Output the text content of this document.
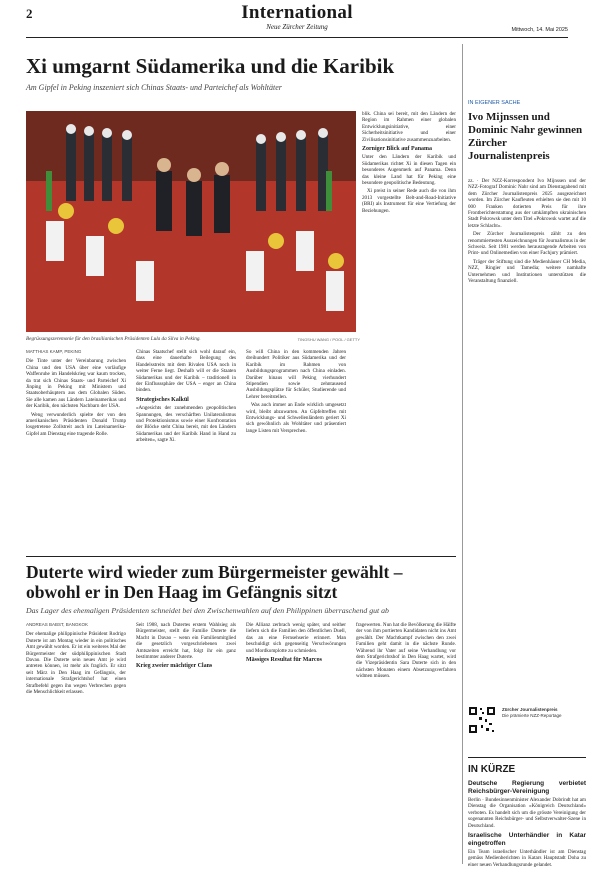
2	International
Neue Zürcher Zeitung	Mittwoch, 14. Mai 2025
Xi umgarnt Südamerika und die Karibik
Am Gipfel in Peking inszeniert sich Chinas Staats- und Parteichef als Wohltäter
Begrüssungszeremonie für den brasilianischen Präsidenten Lula da Silva in Peking.	TINGSHU WANG / POOL / GETTY

blik. China sei bereit, mit den Ländern der Region im Rahmen einer globalen Entwicklungsinitiative, einer Sicherheitsinitiative und einer Zivilisationsinitiative zusammenzuarbeiten.

Zorniger Blick auf Panama

Unter den Ländern der Karibik und Südamerikas richtet Xi in diesen Tagen ein besonderes Augenmerk auf Panama. Denn das kleine Land hat für Peking eine besondere geopolitische Bedeutung.

Xi preist in seiner Rede auch die von ihm 2013 vorgestellte Belt-and-Road-Initiative (BRI) als Instrument für eine Vertiefung der Beziehungen.

MATTHIAS KAMP, PEKING

Die Tinte unter der Vereinbarung zwischen China und den USA über eine vorläufige Waffenruhe im Handelskrieg war kaum trocken, da trat sich Chinas Staats- und Parteichef Xi Jinping in Peking mit Ministern und Staatsoberhäuptern aus dem Globalen Süden. Sie alle kamen aus Ländern Lateinamerikas und der Karibik, den nächsten Nachbarn der USA.

Weng verwunderlich spielte der von den amerikanischen Präsidenten Donald Trump losgetretene Zollstreit auch im Lateinamerika-Gipfel am Dienstag eine tragende Rolle.

Chinas Staatschef stellt sich wohl darauf ein, dass eine dauerhafte Beilegung des Handelsstreits mit dem Rivalen USA noch in weiter Ferne liegt. Deshalb will er die Staaten Südamerikas und der Karibik – traditionell in der Einflusssphäre der USA – enger an China binden.

Strategisches Kalkül

«Angesichts der zunehmenden geopolitischen Spannungen, des verschärften Unilateralismus und Protektionismus sowie einer Konfrontation der Blöcke steht China bereit, mit den Ländern Südamerikas und der Karibik Hand in Hand zu arbeiten», sagte Xi.

So will China in den kommenden Jahren dreihundert Politiker aus Südamerika und der Karibik im Rahmen von Ausbildungsprogrammen nach China einladen. Darüber hinaus will Peking vierhundert Stipendien sowie zehntausend Ausbildungsplätze für Schüler, Studierende und Lehrer bereitstellen.

Was auch immer an Ende wirklich umgesetzt wird, bleibt abzuwarten. An Gipfeltreffen mit Entwicklungs- und Schwellenländern geriert Xi sich gewöhnlich als Wohltäter und präsentiert lange Listen mit Versprechen.

IN EIGENER SACHE
Ivo Mijnssen und Dominic Nahr gewinnen Zürcher Journalistenpreis

zz. · Der NZZ-Korrespondent Ivo Mijnssen und der NZZ-Fotograf Dominic Nahr sind am Dienstagabend mit dem Zürcher Journalistenpreis 2025 ausgezeichnet worden. Im Zürcher Kaufleuten erhielten sie den mit 10 000 Franken dotierten Preis für ihre Frontberichterstattung aus der umkämpften ukrainischen Stadt Pokrowsk unter dem Titel «Pokrowsk wartet auf die letzte Schlacht».

Der Zürcher Journalistenpreis zählt zu den renommiertesten Auszeichnungen für Journalismus in der Schweiz. Seit 1981 werden herausragende Arbeiten von Print- und Onlinemedien von einer Fachjury prämiert.

Träger der Stiftung sind die Medienhäuser CH Media, NZZ, Ringier und Tamedia; weitere namhafte Unternehmen und Institutionen unterstützen die Veranstaltung finanziell.

Zürcher Journalistenpreis
Die prämierte NZZ-Reportage
IN KÜRZE
Deutsche Regierung verbietet Reichsbürger-Vereinigung

Berlin · Bundesinnenminister Alexander Dobrindt hat am Dienstag die Organisation «Königreich Deutschland» verboten. Es handelt sich um die grösste Vereinigung der sogenannten Reichsbürger- und Selbstverwalter-Szene in Deutschland.

Israelische Unterhändler in Katar eingetroffen

Ein Team israelischer Unterhändler ist am Dienstag gemäss Medienberichten in Katars Hauptstadt Doha zu einer neuen Verhandlungsrunde gelandet.

Duterte wird wieder zum Bürgermeister gewählt – obwohl er in Den Haag im Gefängnis sitzt
Das Lager des ehemaligen Präsidenten schneidet bei den Zwischenwahlen auf den Philippinen überraschend gut ab
ANDREAS BABST, BANGKOK

Der ehemalige philippinische Präsident Rodrigo Duterte ist am Montag wieder in ein politisches Amt gewählt worden. Er ist ein weiteres Mal der Bürgermeister der südphilippinischen Stadt Davao. Die Duterte sein neues Amt je wird antreten können, ist mehr als fraglich. Er sitzt seit März in Den Haag im Gefängnis, der internationale Strafgerichtshof hat einen Strafbefehl gegen ihn wegen Verbrechen gegen die Menschlichkeit erlassen.

Seit 1988, nach Dutertes erstem Wahlsieg als Bürgermeister, stellt die Familie Duterte die Macht in Davao – wenn ein Familienmitglied die gesetzlich vorgeschriebenen zwei Amtszeiten erreicht hat, folgt ihr ein ganz bestimmter anderer Duterte.

Krieg zweier mächtiger Clans

Die Allianz zerbrach wenig später, und seither liefern sich die Familien den öffentlichen Duell, das an eine Fernsehserie erinnert. Man beschuldigt sich gegenseitig Verschwörungen und Mordkomplotte zu schmieden.

Mässiges Resultat für Marcos

fragewerten. Nun hat die Bevölkerung die Hälfte der von ihm portierten Kandidaten nicht ins Amt gewählt. Der Machtkampf zwischen den zwei Familien geht damit in die nächste Runde. Während ihr Vater auf seine Verhandlung vor dem Strafgerichtshof in Den Haag wartet, wird die Vizepräsidentin Sara Duterte sich in den nächsten Monaten einem Absetzungsverfahren widmen müssen.
